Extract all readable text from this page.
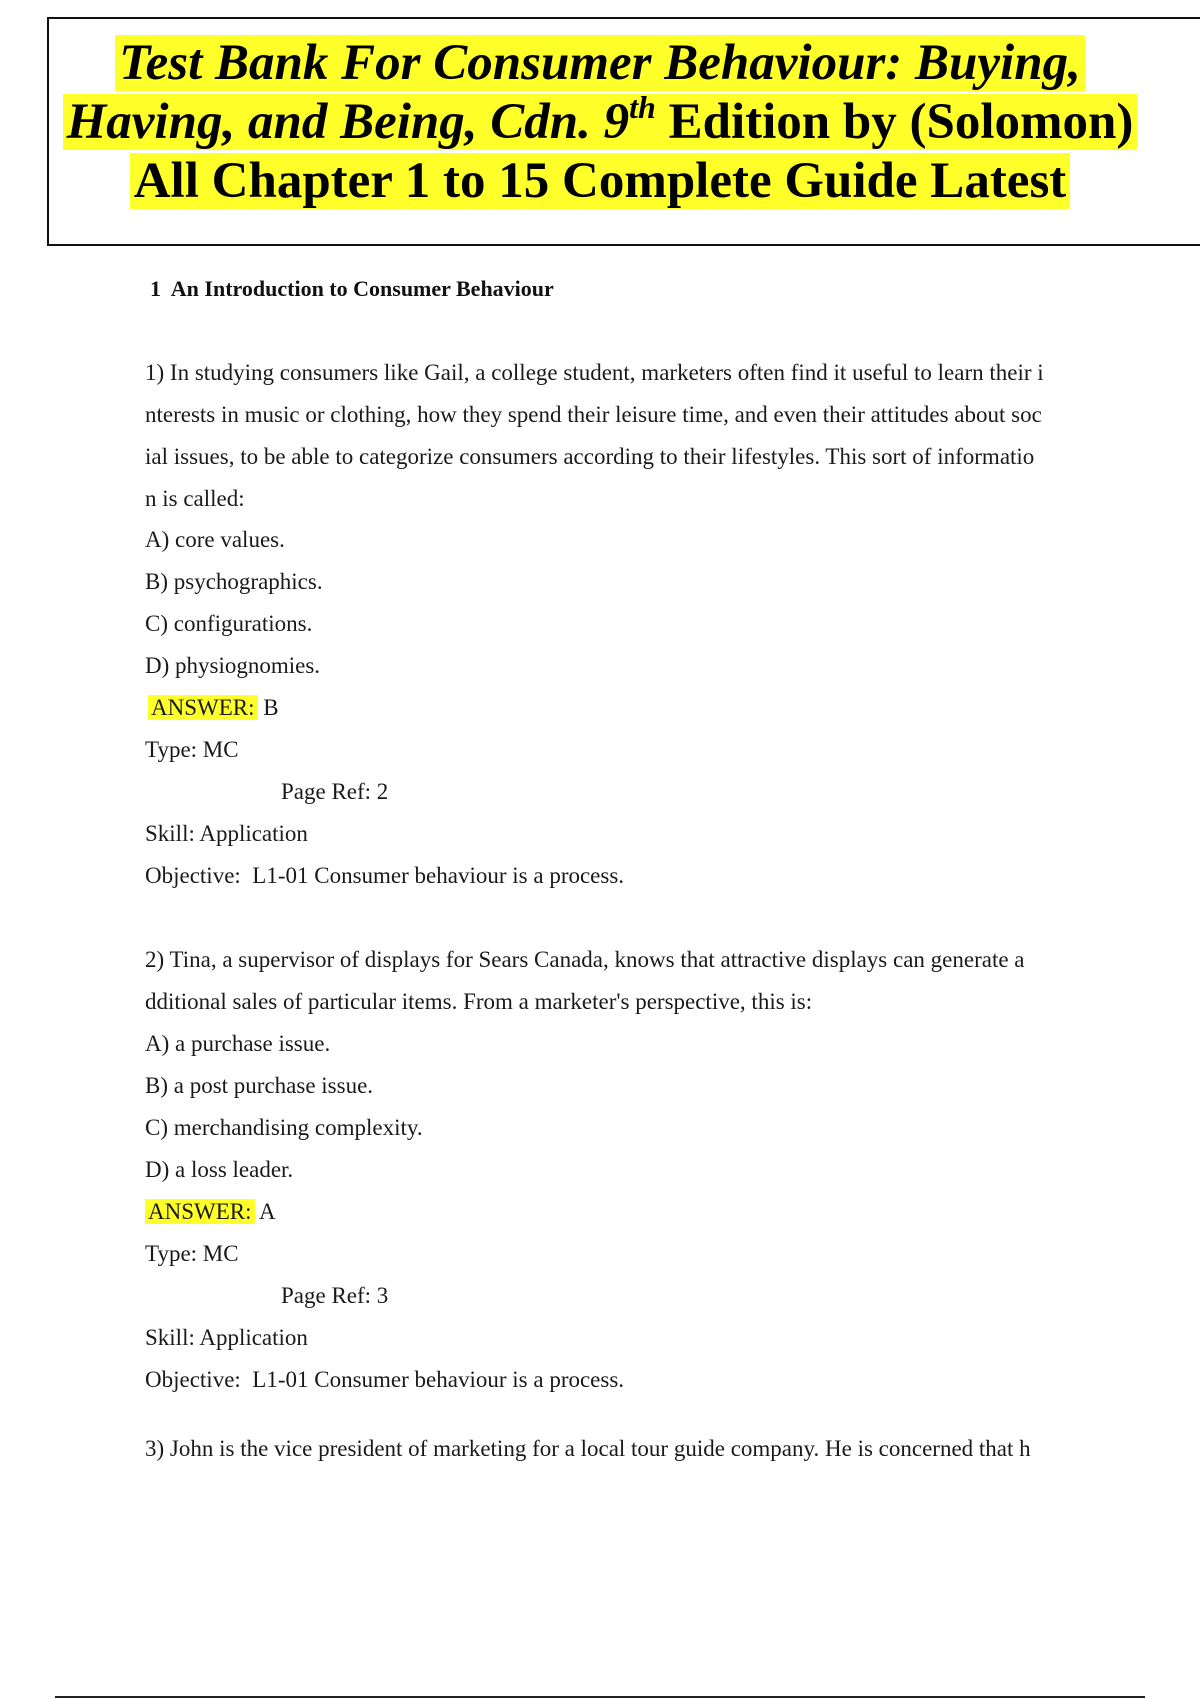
Test Bank For Consumer Behaviour: Buying,
Having, and Being, Cdn. 9th Edition by (Solomon)
All Chapter 1 to 15 Complete Guide Latest
1  An Introduction to Consumer Behaviour
1) In studying consumers like Gail, a college student, marketers often find it useful to learn their i
nterests in music or clothing, how they spend their leisure time, and even their attitudes about soc
ial issues, to be able to categorize consumers according to their lifestyles. This sort of informatio
n is called:
A) core values.
B) psychographics.
C) configurations.
D) physiognomies.
ANSWER: B
Type: MC
Page Ref: 2
Skill: Application
Objective:  L1-01 Consumer behaviour is a process.
2) Tina, a supervisor of displays for Sears Canada, knows that attractive displays can generate a
dditional sales of particular items. From a marketer's perspective, this is:
A) a purchase issue.
B) a post purchase issue.
C) merchandising complexity.
D) a loss leader.
ANSWER: A
Type: MC
Page Ref: 3
Skill: Application
Objective:  L1-01 Consumer behaviour is a process.
3) John is the vice president of marketing for a local tour guide company. He is concerned that h
